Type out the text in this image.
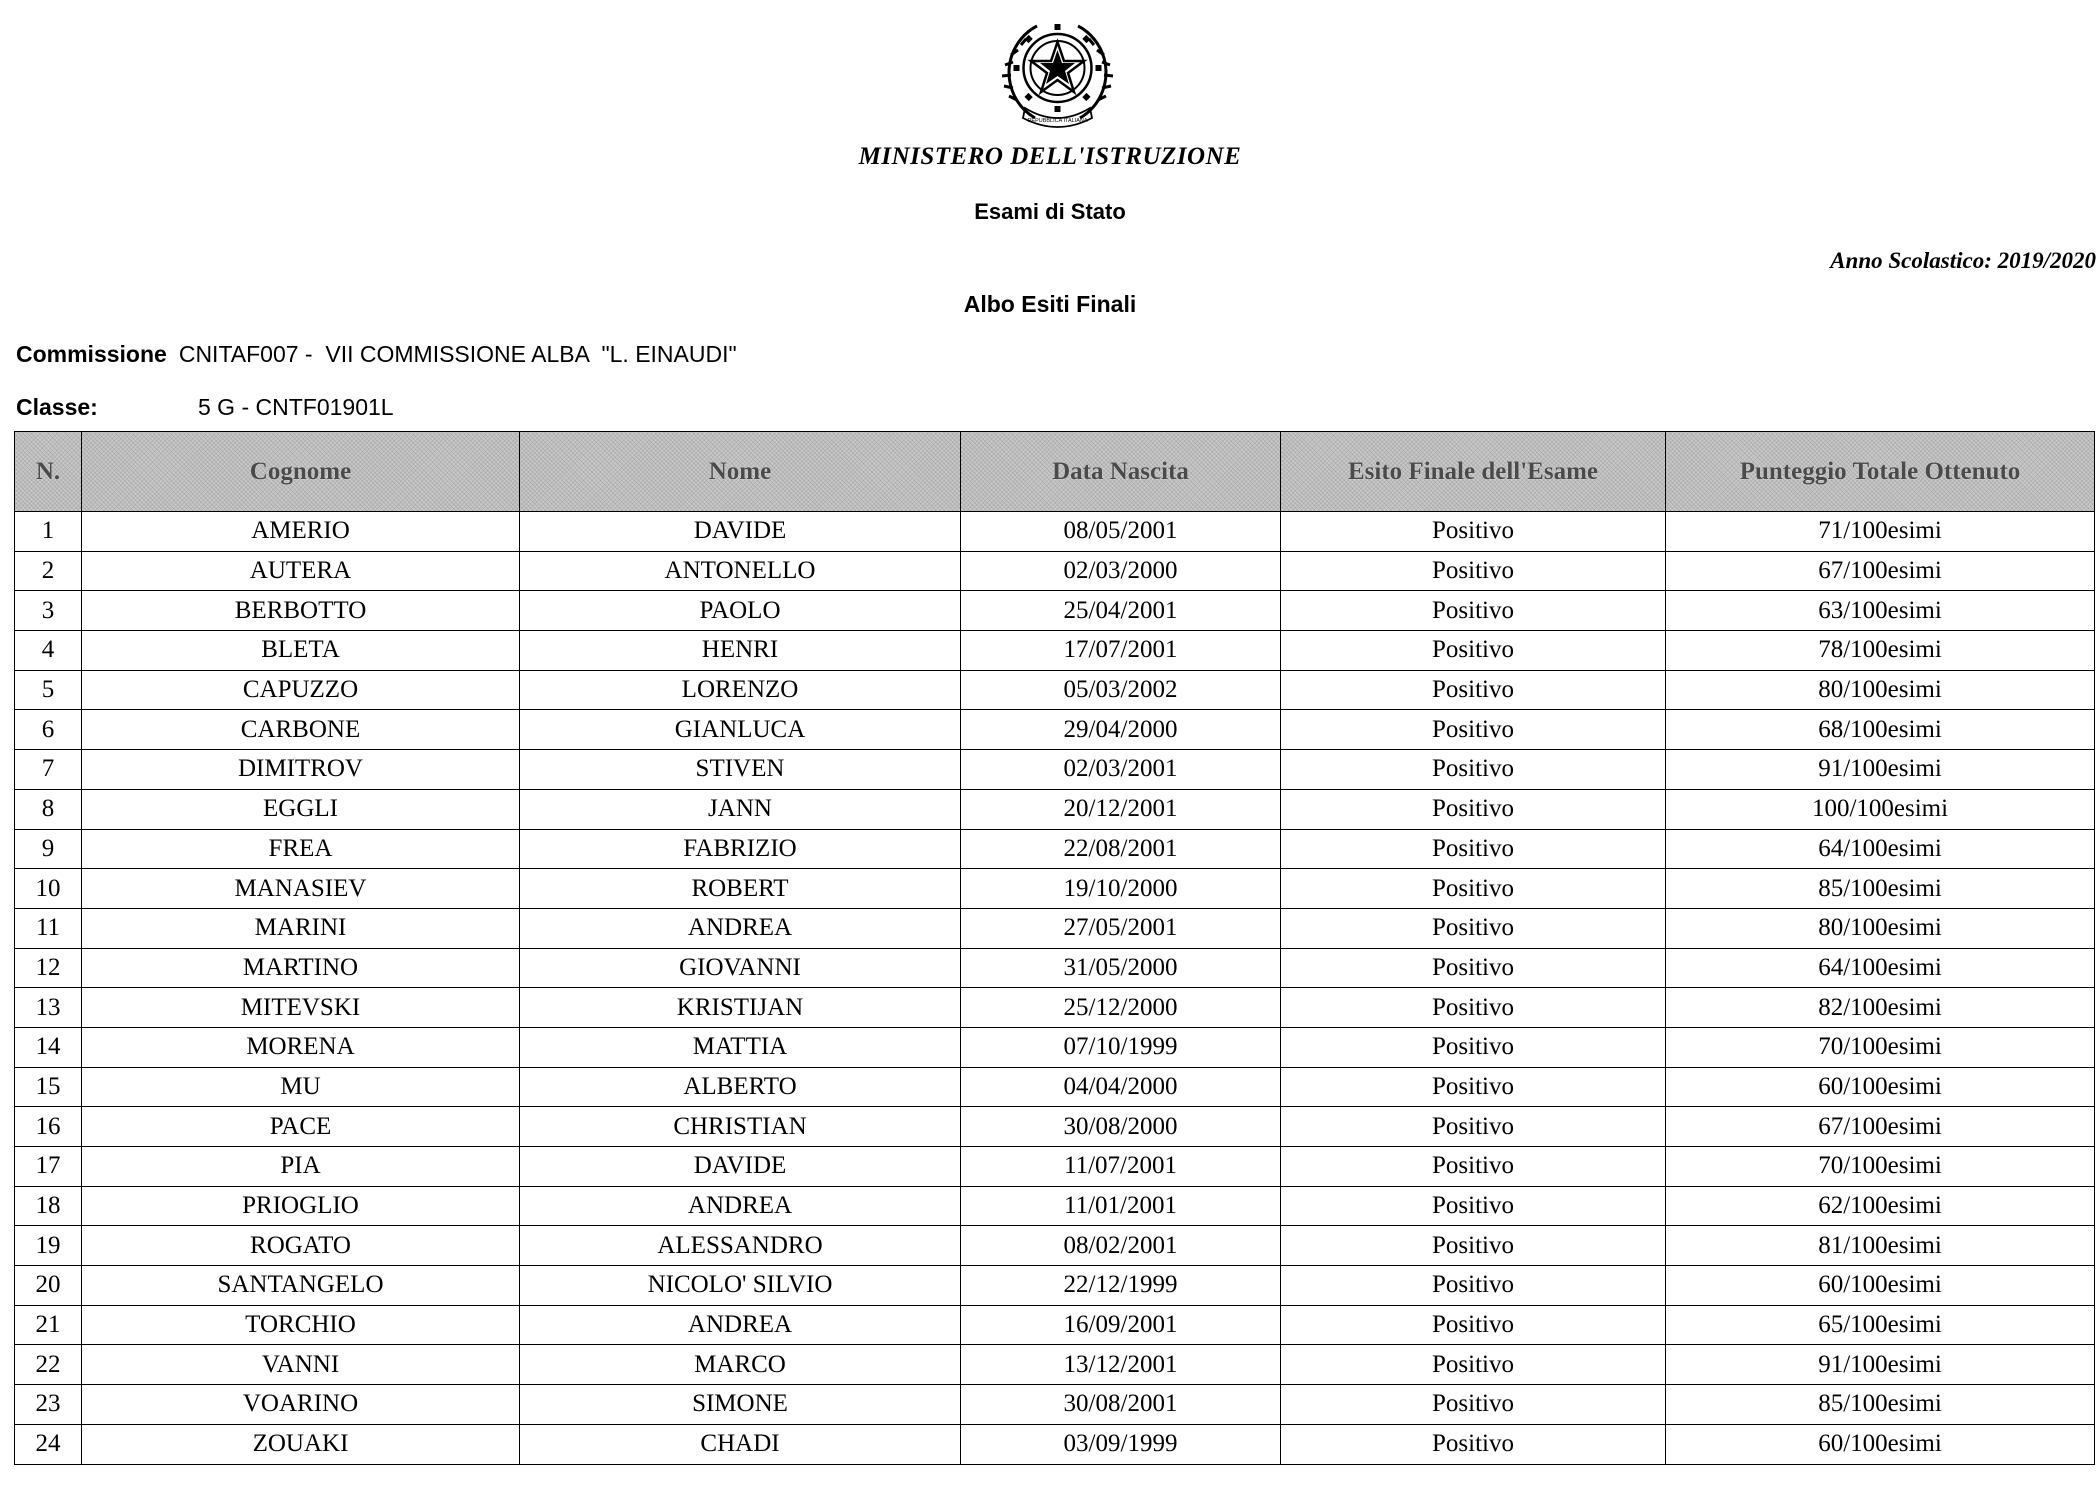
REPUBBLICA ITALIANA
MINISTERO DELL'ISTRUZIONE
Esami di Stato
Anno Scolastico: 2019/2020
Albo Esiti Finali
Commissione CNITAF007 -  VII COMMISSIONE ALBA  "L. EINAUDI"
Classe:	5 G - CNTF01901L
N.	Cognome	Nome	Data Nascita	Esito Finale dell'Esame	Punteggio Totale Ottenuto
1	AMERIO	DAVIDE	08/05/2001	Positivo	71/100esimi
2	AUTERA	ANTONELLO	02/03/2000	Positivo	67/100esimi
3	BERBOTTO	PAOLO	25/04/2001	Positivo	63/100esimi
4	BLETA	HENRI	17/07/2001	Positivo	78/100esimi
5	CAPUZZO	LORENZO	05/03/2002	Positivo	80/100esimi
6	CARBONE	GIANLUCA	29/04/2000	Positivo	68/100esimi
7	DIMITROV	STIVEN	02/03/2001	Positivo	91/100esimi
8	EGGLI	JANN	20/12/2001	Positivo	100/100esimi
9	FREA	FABRIZIO	22/08/2001	Positivo	64/100esimi
10	MANASIEV	ROBERT	19/10/2000	Positivo	85/100esimi
11	MARINI	ANDREA	27/05/2001	Positivo	80/100esimi
12	MARTINO	GIOVANNI	31/05/2000	Positivo	64/100esimi
13	MITEVSKI	KRISTIJAN	25/12/2000	Positivo	82/100esimi
14	MORENA	MATTIA	07/10/1999	Positivo	70/100esimi
15	MU	ALBERTO	04/04/2000	Positivo	60/100esimi
16	PACE	CHRISTIAN	30/08/2000	Positivo	67/100esimi
17	PIA	DAVIDE	11/07/2001	Positivo	70/100esimi
18	PRIOGLIO	ANDREA	11/01/2001	Positivo	62/100esimi
19	ROGATO	ALESSANDRO	08/02/2001	Positivo	81/100esimi
20	SANTANGELO	NICOLO' SILVIO	22/12/1999	Positivo	60/100esimi
21	TORCHIO	ANDREA	16/09/2001	Positivo	65/100esimi
22	VANNI	MARCO	13/12/2001	Positivo	91/100esimi
23	VOARINO	SIMONE	30/08/2001	Positivo	85/100esimi
24	ZOUAKI	CHADI	03/09/1999	Positivo	60/100esimi
